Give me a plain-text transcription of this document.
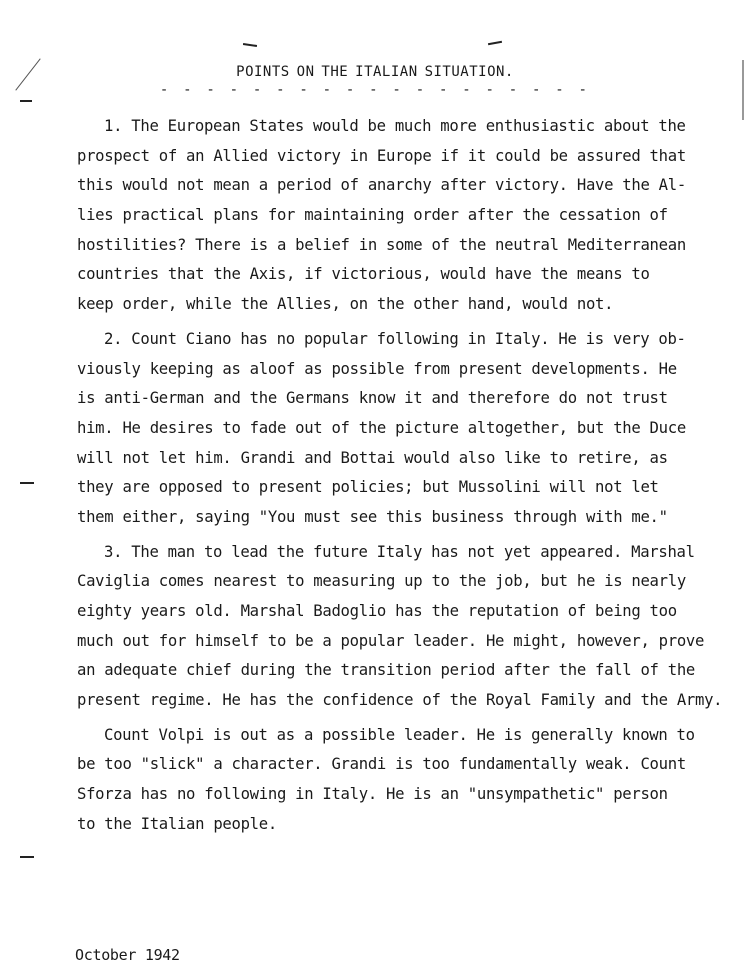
POINTS ON THE ITALIAN SITUATION.
- - - - - - - - - - - - - - - - - - -
1. The European States would be much more enthusiastic about the
prospect of an Allied victory in Europe if it could be assured that
this would not mean a period of anarchy after victory. Have the Al-
lies practical plans for maintaining order after the cessation of
hostilities? There is a belief in some of the neutral Mediterranean
countries that the Axis, if victorious, would have the means to
keep order, while the Allies, on the other hand, would not.
2. Count Ciano has no popular following in Italy. He is very ob-
viously keeping as aloof as possible from present developments. He
is anti-German and the Germans know it and therefore do not trust
him. He desires to fade out of the picture altogether, but the Duce
will not let him. Grandi and Bottai would also like to retire, as
they are opposed to present policies; but Mussolini will not let
them either, saying "You must see this business through with me."
3. The man to lead the future Italy has not yet appeared. Marshal
Caviglia comes nearest to measuring up to the job, but he is nearly
eighty years old. Marshal Badoglio has the reputation of being too
much out for himself to be a popular leader. He might, however, prove
an adequate chief during the transition period after the fall of the
present regime. He has the confidence of the Royal Family and the Army.
Count Volpi is out as a possible leader. He is generally known to
be too "slick" a character. Grandi is too fundamentally weak. Count
Sforza has no following in Italy. He is an "unsympathetic" person
to the Italian people.
October 1942
